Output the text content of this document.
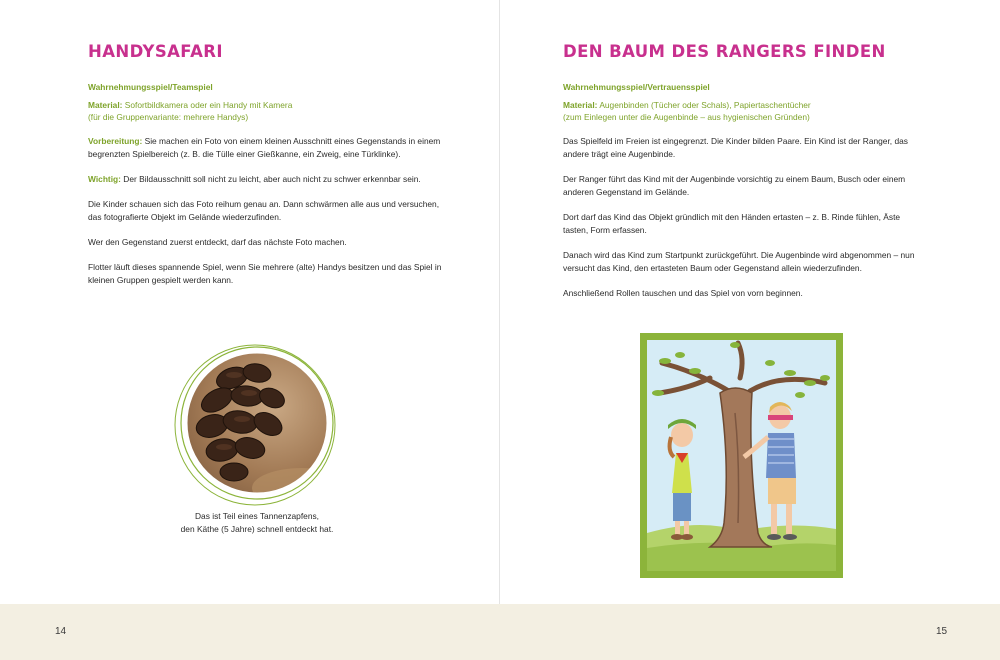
HANDYSAFARI
Wahrnehmungsspiel/Teamspiel
Material: Sofortbildkamera oder ein Handy mit Kamera
(für die Gruppenvariante: mehrere Handys)

Vorbereitung: Sie machen ein Foto von einem kleinen Ausschnitt eines Gegenstands in einem begrenzten Spielbereich (z. B. die Tülle einer Gießkanne, ein Zweig, eine Türklinke).

Wichtig: Der Bildausschnitt soll nicht zu leicht, aber auch nicht zu schwer erkennbar sein.

Die Kinder schauen sich das Foto reihum genau an. Dann schwärmen alle aus und versuchen, das fotografierte Objekt im Gelände wiederzufinden.

Wer den Gegenstand zuerst entdeckt, darf das nächste Foto machen.

Flotter läuft dieses spannende Spiel, wenn Sie mehrere (alte) Handys besitzen und das Spiel in kleinen Gruppen gespielt werden kann.

Das ist Teil eines Tannenzapfens,
den Käthe (5 Jahre) schnell entdeckt hat.
DEN BAUM DES RANGERS FINDEN
Wahrnehmungsspiel/Vertrauensspiel
Material: Augenbinden (Tücher oder Schals), Papiertaschentücher
(zum Einlegen unter die Augenbinde – aus hygienischen Gründen)

Das Spielfeld im Freien ist eingegrenzt. Die Kinder bilden Paare. Ein Kind ist der Ranger, das andere trägt eine Augenbinde.

Der Ranger führt das Kind mit der Augenbinde vorsichtig zu einem Baum, Busch oder einem anderen Gegenstand im Gelände.

Dort darf das Kind das Objekt gründlich mit den Händen ertasten – z. B. Rinde fühlen, Äste tasten, Form erfassen.

Danach wird das Kind zum Startpunkt zurückgeführt. Die Augenbinde wird abgenommen – nun versucht das Kind, den ertasteten Baum oder Gegenstand allein wiederzufinden.

Anschließend Rollen tauschen und das Spiel von vorn beginnen.

14	15
